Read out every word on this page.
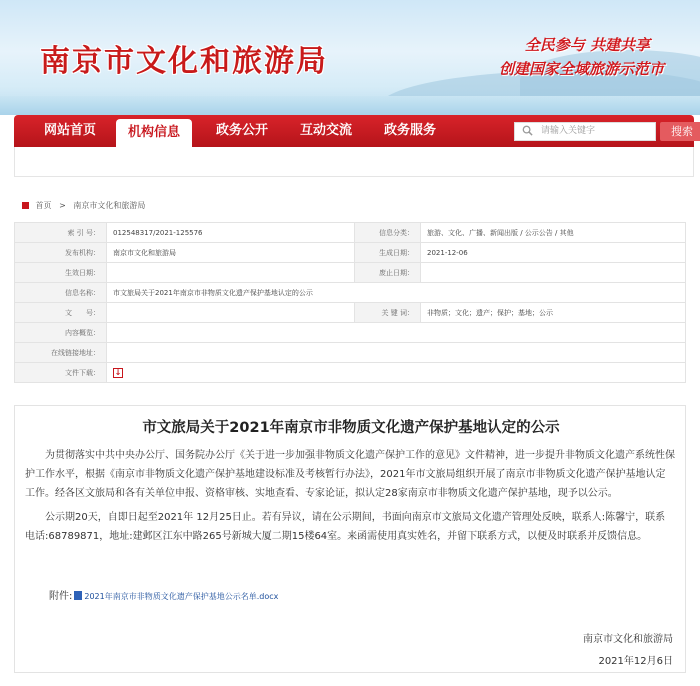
南京市文化和旅游局	全民参与 共建共享
创建国家全域旅游示范市
网站首页	机构信息	政务公开	互动交流	政务服务	请输入关键字	搜索
首页 > 南京市文化和旅游局
索 引 号：	012548317/2021-125576	信息分类：	旅游、文化、广播、新闻出版 / 公示公告 / 其他
发布机构：	南京市文化和旅游局	生成日期：	2021-12-06
生效日期：		废止日期：	
信息名称：	市文旅局关于2021年南京市非物质文化遗产保护基地认定的公示		
文　　号：		关 键 词：	非物质；文化；遗产；保护；基地；公示
内容概览：			
在线链接地址：			
文件下载：	↓		
市文旅局关于2021年南京市非物质文化遗产保护基地认定的公示

为贯彻落实中共中央办公厅、国务院办公厅《关于进一步加强非物质文化遗产保护工作的意见》文件精神，进一步提升非物质文化遗产系统性保护工作水平，根据《南京市非物质文化遗产保护基地建设标准及考核暂行办法》，2021年市文旅局组织开展了南京市非物质文化遗产保护基地认定工作。经各区文旅局和各有关单位申报、资格审核、实地查看、专家论证，拟认定28家南京市非物质文化遗产保护基地，现予以公示。

公示期20天，自即日起至2021年 12月25日止。若有异议，请在公示期间，书面向南京市文旅局文化遗产管理处反映，联系人:陈馨宁，联系电话:68789871，地址:建邺区江东中路265号新城大厦二期15楼64室。来函需使用真实姓名，并留下联系方式，以便及时联系并反馈信息。

附件: 2021年南京市非物质文化遗产保护基地公示名单.docx
南京市文化和旅游局
2021年12月6日
